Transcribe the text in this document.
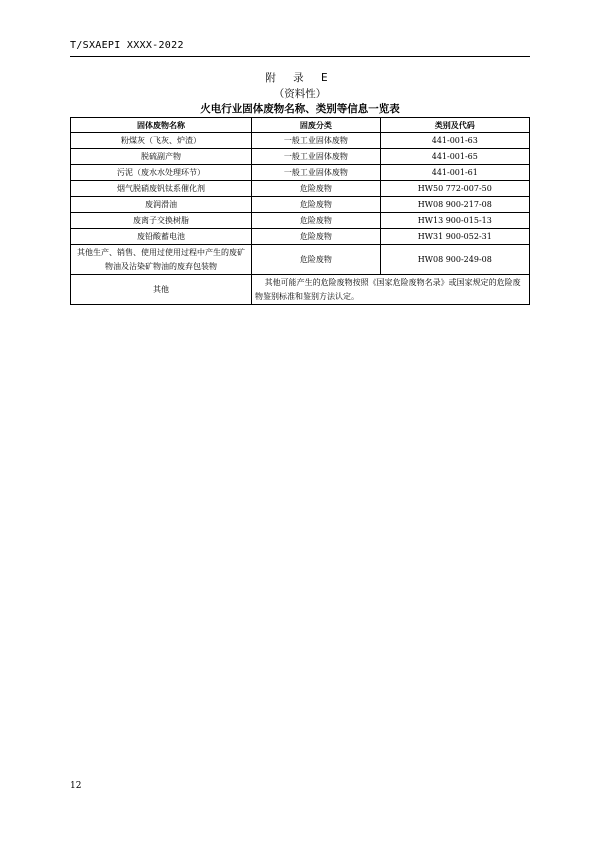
T/SXAEPI XXXX-2022
附 录 E
（资料性）
火电行业固体废物名称、类别等信息一览表
固体废物名称	固废分类	类别及代码
粉煤灰（飞灰、炉渣）	一般工业固体废物	441-001-63
脱硫副产物	一般工业固体废物	441-001-65
污泥（废水水处理环节）	一般工业固体废物	441-001-61
烟气脱硝废钒钛系催化剂	危险废物	HW50 772-007-50
废润滑油	危险废物	HW08 900-217-08
废离子交换树脂	危险废物	HW13 900-015-13
废铅酸蓄电池	危险废物	HW31 900-052-31
其他生产、销售、使用过使用过程中产生的废矿物油及沾染矿物油的废弃包装物	危险废物	HW08 900-249-08
其他	其他可能产生的危险废物按照《国家危险废物名录》或国家规定的危险废物鉴别标准和鉴别方法认定。	
12
